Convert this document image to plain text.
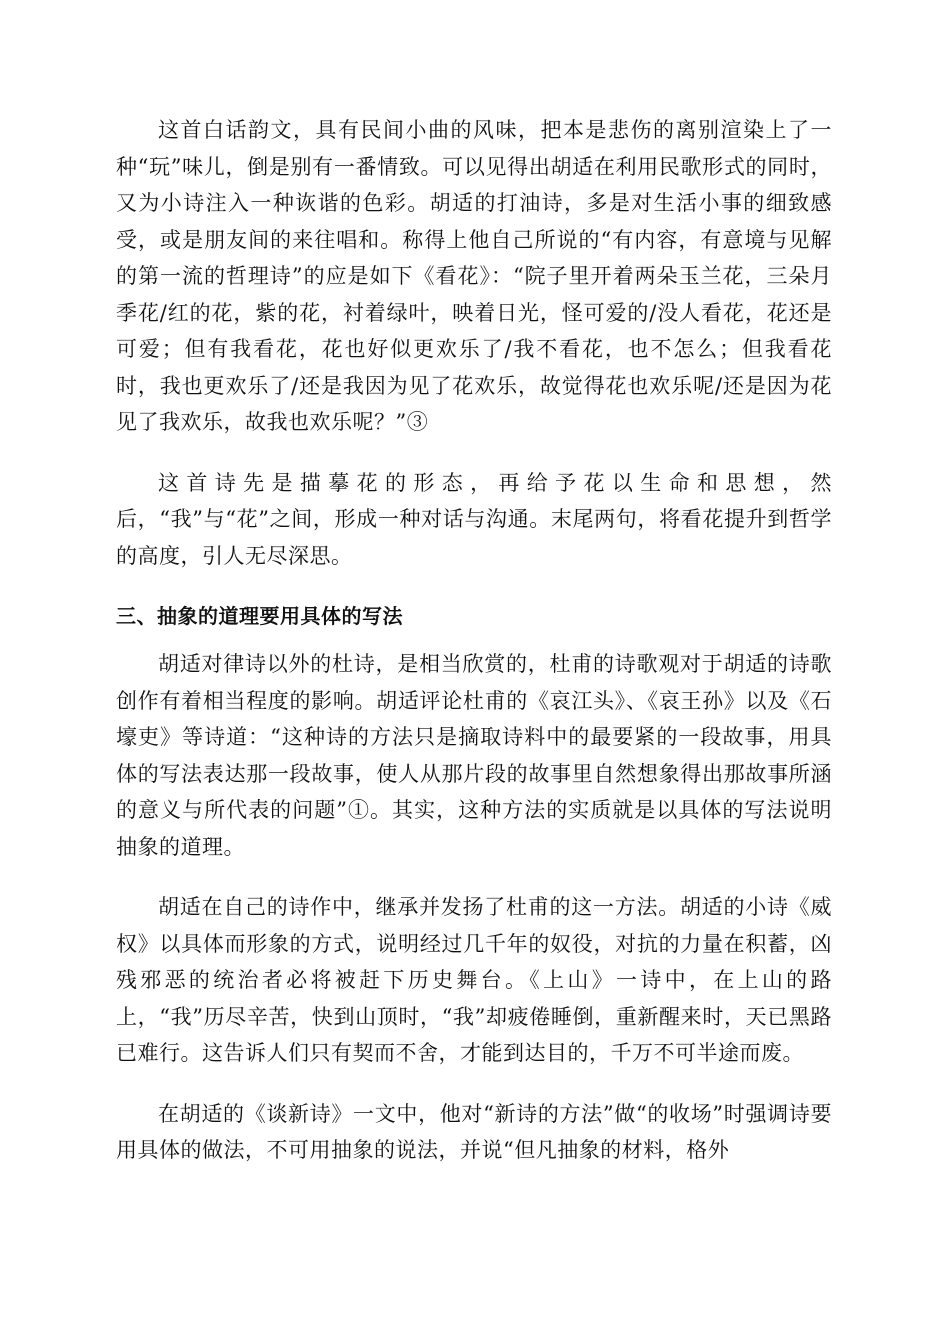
这首白话韵文，具有民间小曲的风味，把本是悲伤的离别渲染上了一种“玩”味儿，倒是别有一番情致。可以见得出胡适在利用民歌形式的同时，又为小诗注入一种诙谐的色彩。胡适的打油诗，多是对生活小事的细致感受，或是朋友间的来往唱和。称得上他自己所说的“有内容，有意境与见解的第一流的哲理诗”的应是如下《看花》：“院子里开着两朵玉兰花，三朵月季花/红的花，紫的花，衬着绿叶，映着日光，怪可爱的/没人看花，花还是可爱；但有我看花，花也好似更欢乐了/我不看花，也不怎么；但我看花时，我也更欢乐了/还是我因为见了花欢乐，故觉得花也欢乐呢/还是因为花见了我欢乐，故我也欢乐呢？”③

这首诗先是描摹花的形态，再给予花以生命和思想，然后，“我”与“花”之间，形成一种对话与沟通。末尾两句，将看花提升到哲学的高度，引人无尽深思。

三、抽象的道理要用具体的写法

胡适对律诗以外的杜诗，是相当欣赏的，杜甫的诗歌观对于胡适的诗歌创作有着相当程度的影响。胡适评论杜甫的《哀江头》、《哀王孙》以及《石壕吏》等诗道：“这种诗的方法只是摘取诗料中的最要紧的一段故事，用具体的写法表达那一段故事，使人从那片段的故事里自然想象得出那故事所涵的意义与所代表的问题”①。其实，这种方法的实质就是以具体的写法说明抽象的道理。

胡适在自己的诗作中，继承并发扬了杜甫的这一方法。胡适的小诗《威权》以具体而形象的方式，说明经过几千年的奴役，对抗的力量在积蓄，凶残邪恶的统治者必将被赶下历史舞台。《上山》一诗中，在上山的路上，“我”历尽辛苦，快到山顶时，“我”却疲倦睡倒，重新醒来时，天已黑路已难行。这告诉人们只有契而不舍，才能到达目的，千万不可半途而废。

在胡适的《谈新诗》一文中，他对“新诗的方法”做“的收场”时强调诗要用具体的做法，不可用抽象的说法，并说“但凡抽象的材料，格外
